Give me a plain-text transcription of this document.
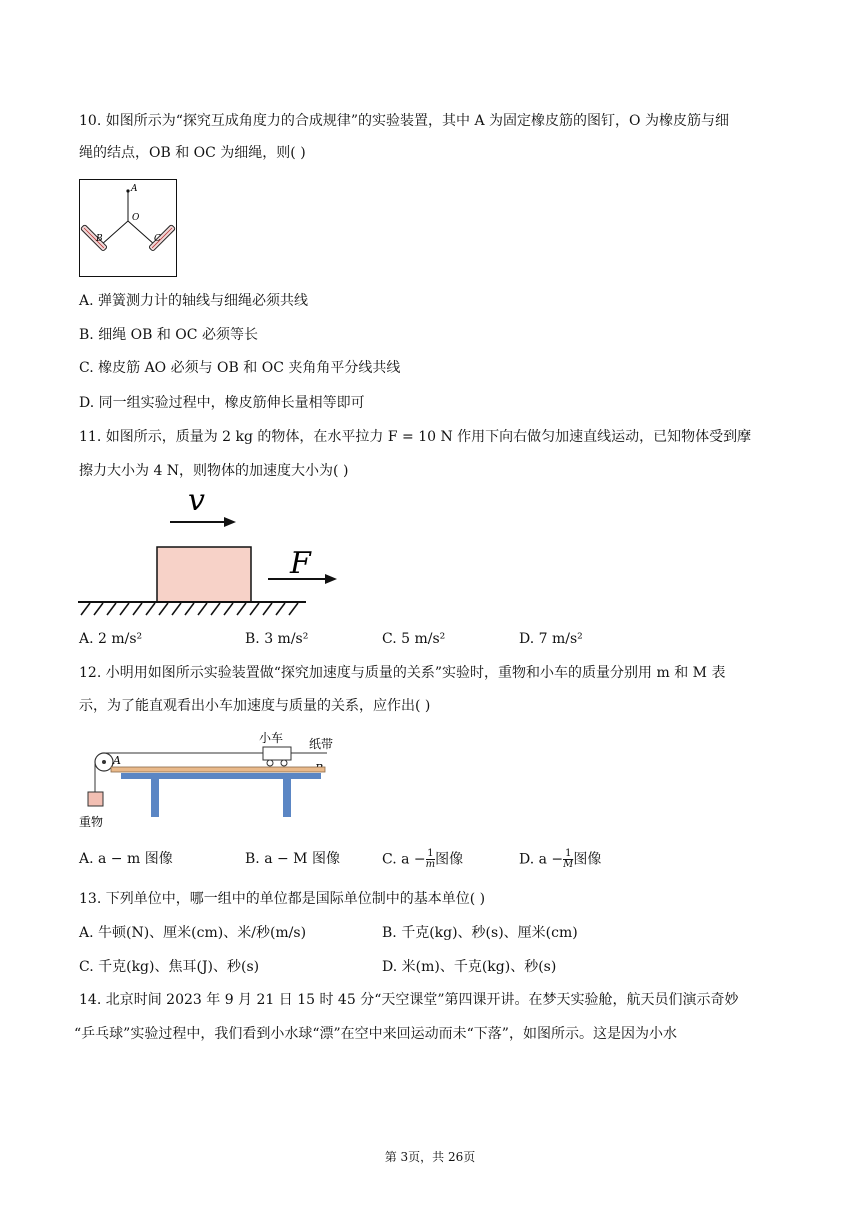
10. 如图所示为“探究互成角度力的合成规律”的实验装置，其中 A 为固定橡皮筋的图钉，O 为橡皮筋与细
绳的结点，OB 和 OC 为细绳，则( )
A
O
B	C
A. 弹簧测力计的轴线与细绳必须共线
B. 细绳 OB 和 OC 必须等长
C. 橡皮筋 AO 必须与 OB 和 OC 夹角角平分线共线
D. 同一组实验过程中，橡皮筋伸长量相等即可
11. 如图所示，质量为 2 kg 的物体，在水平拉力 F = 10 N 作用下向右做匀加速直线运动，已知物体受到摩
擦力大小为 4 N，则物体的加速度大小为( )
v
F
A. 2 m/s²	B. 3 m/s²	C. 5 m/s²	D. 7 m/s²
12. 小明用如图所示实验装置做“探究加速度与质量的关系”实验时，重物和小车的质量分别用 m 和 M 表
示，为了能直观看出小车加速度与质量的关系，应作出( )
小车 纸带
A
重物
A. a − m 图像	B. a − M 图像	C. $a - \frac{1}{m}$ 图像	D. $a - \frac{1}{M}$ 图像
13. 下列单位中，哪一组中的单位都是国际单位制中的基本单位( )
A. 牛顿(N)、厘米(cm)、米/秒(m/s)	B. 千克(kg)、秒(s)、厘米(cm)
C. 千克(kg)、焦耳(J)、秒(s)	D. 米(m)、千克(kg)、秒(s)
14. 北京时间 2023 年 9 月 21 日 15 时 45 分“天空课堂”第四课开讲。在梦天实验舱，航天员们演示奇妙
“乒乓球”实验过程中，我们看到小水球“漂”在空中来回运动而未“下落”，如图所示。这是因为小水
第 3页，共 26页
